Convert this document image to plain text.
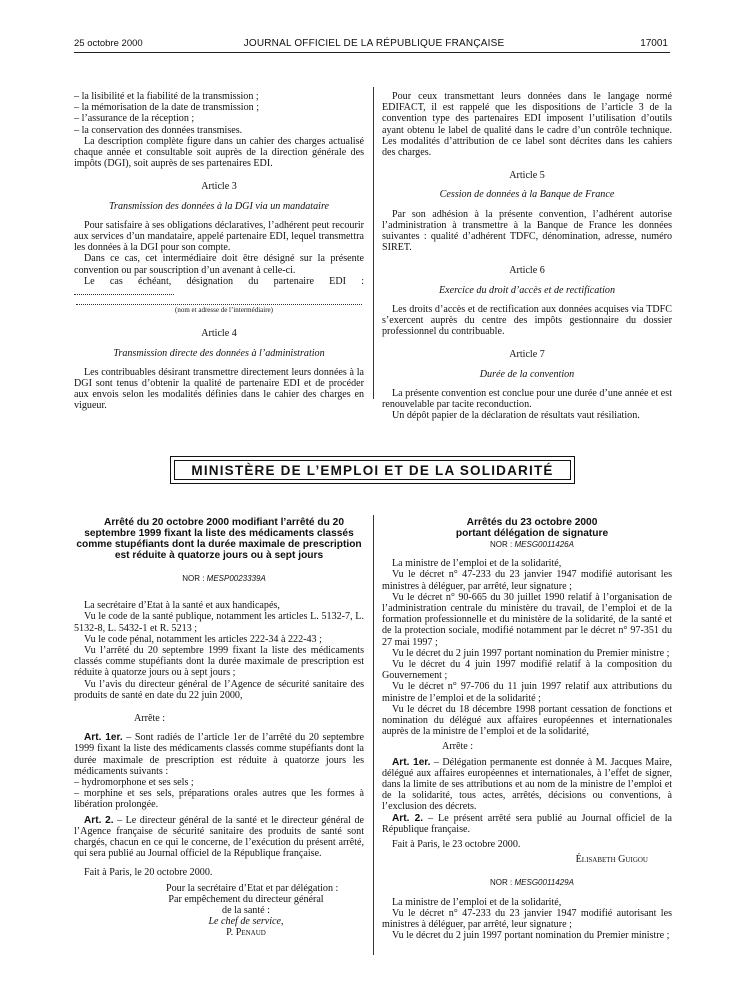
25 octobre 2000	JOURNAL OFFICIEL DE LA RÉPUBLIQUE FRANÇAISE	17001

– la lisibilité et la fiabilité de la transmission ;

– la mémorisation de la date de transmission ;

– l’assurance de la réception ;

– la conservation des données transmises.

La description complète figure dans un cahier des charges actualisé chaque année et consultable soit auprès de la direction générale des impôts (DGI), soit auprès de ses partenaires EDI.

Article 3

Transmission des données à la DGI via un mandataire

Pour satisfaire à ses obligations déclaratives, l’adhérent peut recourir aux services d’un mandataire, appelé partenaire EDI, lequel transmettra les données à la DGI pour son compte.

Dans ce cas, cet intermédiaire doit être désigné sur la présente convention ou par souscription d’un avenant à celle-ci.

Le cas échéant, désignation du partenaire EDI :

(nom et adresse de l’intermédiaire)

Article 4

Transmission directe des données à l’administration

Les contribuables désirant transmettre directement leurs données à la DGI sont tenus d’obtenir la qualité de partenaire EDI et de procéder aux envois selon les modalités définies dans le cahier des charges en vigueur.

Pour ceux transmettant leurs données dans le langage normé EDIFACT, il est rappelé que les dispositions de l’article 3 de la convention type des partenaires EDI imposent l’utilisation d’outils ayant obtenu le label de qualité dans le cadre d’un contrôle technique. Les modalités d’attribution de ce label sont décrites dans les cahiers des charges.

Article 5

Cession de données à la Banque de France

Par son adhésion à la présente convention, l’adhérent autorise l’administration à transmettre à la Banque de France les données suivantes : qualité d’adhérent TDFC, dénomination, adresse, numéro SIRET.

Article 6

Exercice du droit d’accès et de rectification

Les droits d’accès et de rectification aux données acquises via TDFC s’exercent auprès du centre des impôts gestionnaire du dossier professionnel du contribuable.

Article 7

Durée de la convention

La présente convention est conclue pour une durée d’une année et est renouvelable par tacite reconduction.

Un dépôt papier de la déclaration de résultats vaut résiliation.

MINISTÈRE DE L’EMPLOI ET DE LA SOLIDARITÉ

Arrêté du 20 octobre 2000 modifiant l’arrêté du 20 septembre 1999 fixant la liste des médicaments classés comme stupéfiants dont la durée maximale de prescription est réduite à quatorze jours ou à sept jours

NOR : MESP0023339A

La secrétaire d’Etat à la santé et aux handicapés,

Vu le code de la santé publique, notamment les articles L. 5132-7, L. 5132-8, L. 5432-1 et R. 5213 ;

Vu le code pénal, notamment les articles 222-34 à 222-43 ;

Vu l’arrêté du 20 septembre 1999 fixant la liste des médicaments classés comme stupéfiants dont la durée maximale de prescription est réduite à quatorze jours ou à sept jours ;

Vu l’avis du directeur général de l’Agence de sécurité sanitaire des produits de santé en date du 22 juin 2000,

Arrête :

Art. 1er. – Sont radiés de l’article 1er de l’arrêté du 20 septembre 1999 fixant la liste des médicaments classés comme stupéfiants dont la durée maximale de prescription est réduite à quatorze jours les médicaments suivants :

– hydromorphone et ses sels ;

– morphine et ses sels, préparations orales autres que les formes à libération prolongée.

Art. 2. – Le directeur général de la santé et le directeur général de l’Agence française de sécurité sanitaire des produits de santé sont chargés, chacun en ce qui le concerne, de l’exécution du présent arrêté, qui sera publié au Journal officiel de la République française.

Fait à Paris, le 20 octobre 2000.

Pour la secrétaire d’Etat et par délégation :
Par empêchement du directeur général
de la santé :
Le chef de service,
P. Penaud

Arrêtés du 23 octobre 2000

portant délégation de signature

NOR : MESG0011426A

La ministre de l’emploi et de la solidarité,

Vu le décret n° 47-233 du 23 janvier 1947 modifié autorisant les ministres à déléguer, par arrêté, leur signature ;

Vu le décret n° 90-665 du 30 juillet 1990 relatif à l’organisation de l’administration centrale du ministère du travail, de l’emploi et de la formation professionnelle et du ministère de la solidarité, de la santé et de la protection sociale, modifié notamment par le décret n° 97-351 du 27 mai 1997 ;

Vu le décret du 2 juin 1997 portant nomination du Premier ministre ;

Vu le décret du 4 juin 1997 modifié relatif à la composition du Gouvernement ;

Vu le décret n° 97-706 du 11 juin 1997 relatif aux attributions du ministre de l’emploi et de la solidarité ;

Vu le décret du 18 décembre 1998 portant cessation de fonctions et nomination du délégué aux affaires européennes et internationales auprès de la ministre de l’emploi et de la solidarité,

Arrête :

Art. 1er. – Délégation permanente est donnée à M. Jacques Maire, délégué aux affaires européennes et internationales, à l’effet de signer, dans la limite de ses attributions et au nom de la ministre de l’emploi et de la solidarité, tous actes, arrêtés, décisions ou conventions, à l’exclusion des décrets.

Art. 2. – Le présent arrêté sera publié au Journal officiel de la République française.

Fait à Paris, le 23 octobre 2000.

Élisabeth Guigou

NOR : MESG0011429A

La ministre de l’emploi et de la solidarité,

Vu le décret n° 47-233 du 23 janvier 1947 modifié autorisant les ministres à déléguer, par arrêté, leur signature ;

Vu le décret du 2 juin 1997 portant nomination du Premier ministre ;
